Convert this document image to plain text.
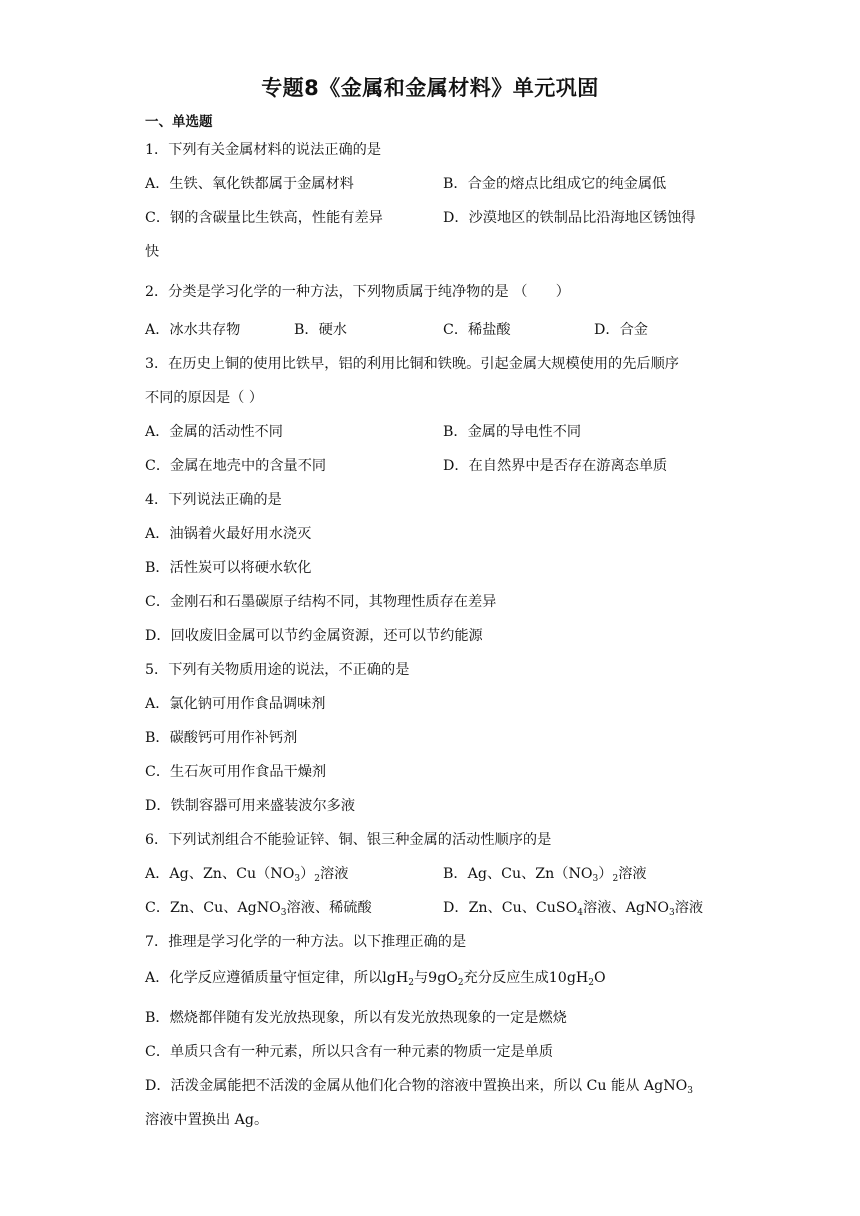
专题8《金属和金属材料》单元巩固
一、单选题
1．下列有关金属材料的说法正确的是
A．生铁、氧化铁都属于金属材料	B．合金的熔点比组成它的纯金属低
C．钢的含碳量比生铁高，性能有差异	D．沙漠地区的铁制品比沿海地区锈蚀得
快
2．分类是学习化学的一种方法，下列物质属于纯净物的是 （　　）
A．冰水共存物	B．硬水	C．稀盐酸	D．合金
3．在历史上铜的使用比铁早，铝的利用比铜和铁晚。引起金属大规模使用的先后顺序
不同的原因是（ ）
A．金属的活动性不同	B．金属的导电性不同
C．金属在地壳中的含量不同	D．在自然界中是否存在游离态单质
4．下列说法正确的是
A．油锅着火最好用水浇灭
B．活性炭可以将硬水软化
C．金刚石和石墨碳原子结构不同，其物理性质存在差异
D．回收废旧金属可以节约金属资源，还可以节约能源
5．下列有关物质用途的说法，不正确的是
A．氯化钠可用作食品调味剂
B．碳酸钙可用作补钙剂
C．生石灰可用作食品干燥剂
D．铁制容器可用来盛装波尔多液
6．下列试剂组合不能验证锌、铜、银三种金属的活动性顺序的是
A．Ag、Zn、$Cu(NO_3)_2$溶液	B．Ag、Cu、$Zn(NO_3)_2$溶液
C．Zn、Cu、AgNO$_3$溶液、稀硫酸	D．Zn、Cu、CuSO$_4$溶液、AgNO$_3$溶液
7．推理是学习化学的一种方法。以下推理正确的是
A．化学反应遵循质量守恒定律，所以lgH$_2$与$9gO_2$充分反应生成$10gH_2O$
B．燃烧都伴随有发光放热现象，所以有发光放热现象的一定是燃烧
C．单质只含有一种元素，所以只含有一种元素的物质一定是单质
D．活泼金属能把不活泼的金属从他们化合物的溶液中置换出来，所以 Cu 能从 AgNO$_3$
溶液中置换出 Ag。
